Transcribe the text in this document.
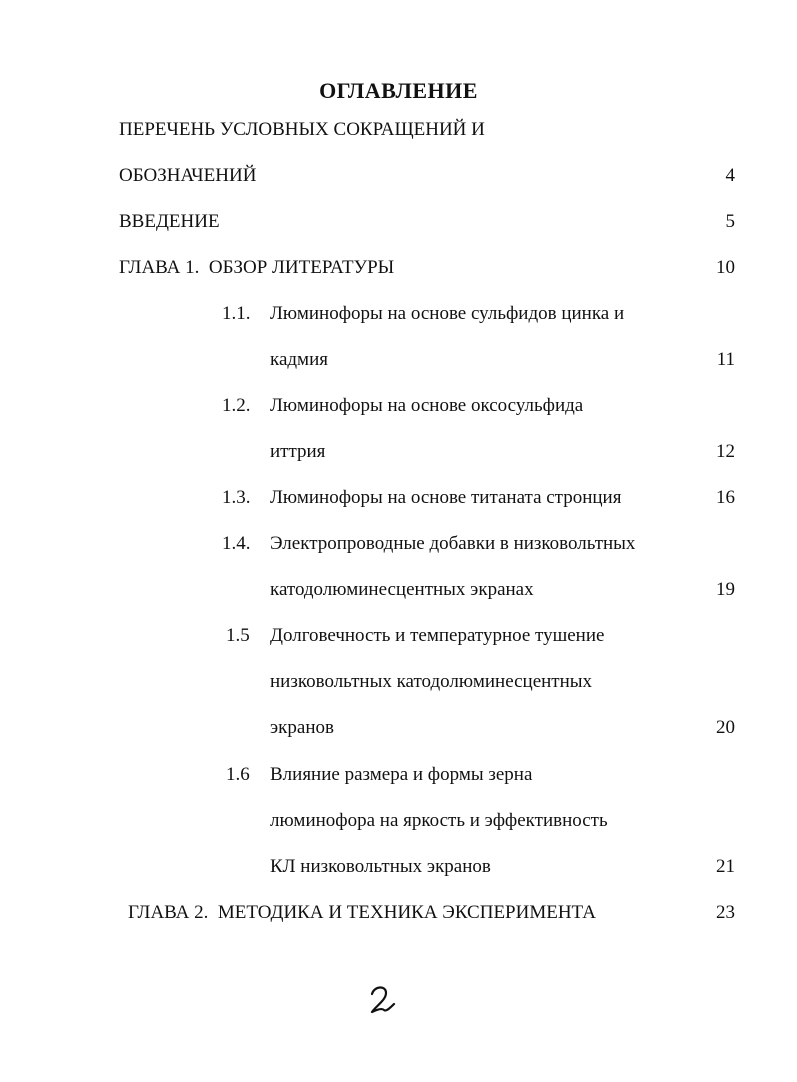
ОГЛАВЛЕНИЕ
ПЕРЕЧЕНЬ УСЛОВНЫХ СОКРАЩЕНИЙ И
ОБОЗНАЧЕНИЙ	4
ВВЕДЕНИЕ	5
ГЛАВА 1.  ОБЗОР ЛИТЕРАТУРЫ	10
1.1. Люминофоры на основе сульфидов цинка и
кадмия	11
1.2. Люминофоры на основе оксосульфида
иттрия	12
1.3. Люминофоры на основе титаната стронция	16
1.4. Электропроводные добавки в низковольтных
катодолюминесцентных экранах	19
1.5 Долговечность и температурное тушение
низковольтных катодолюминесцентных
экранов	20
1.6 Влияние размера и формы зерна
люминофора на яркость и эффективность
КЛ низковольтных экранов	21
ГЛАВА 2.  МЕТОДИКА И ТЕХНИКА ЭКСПЕРИМЕНТА	23
